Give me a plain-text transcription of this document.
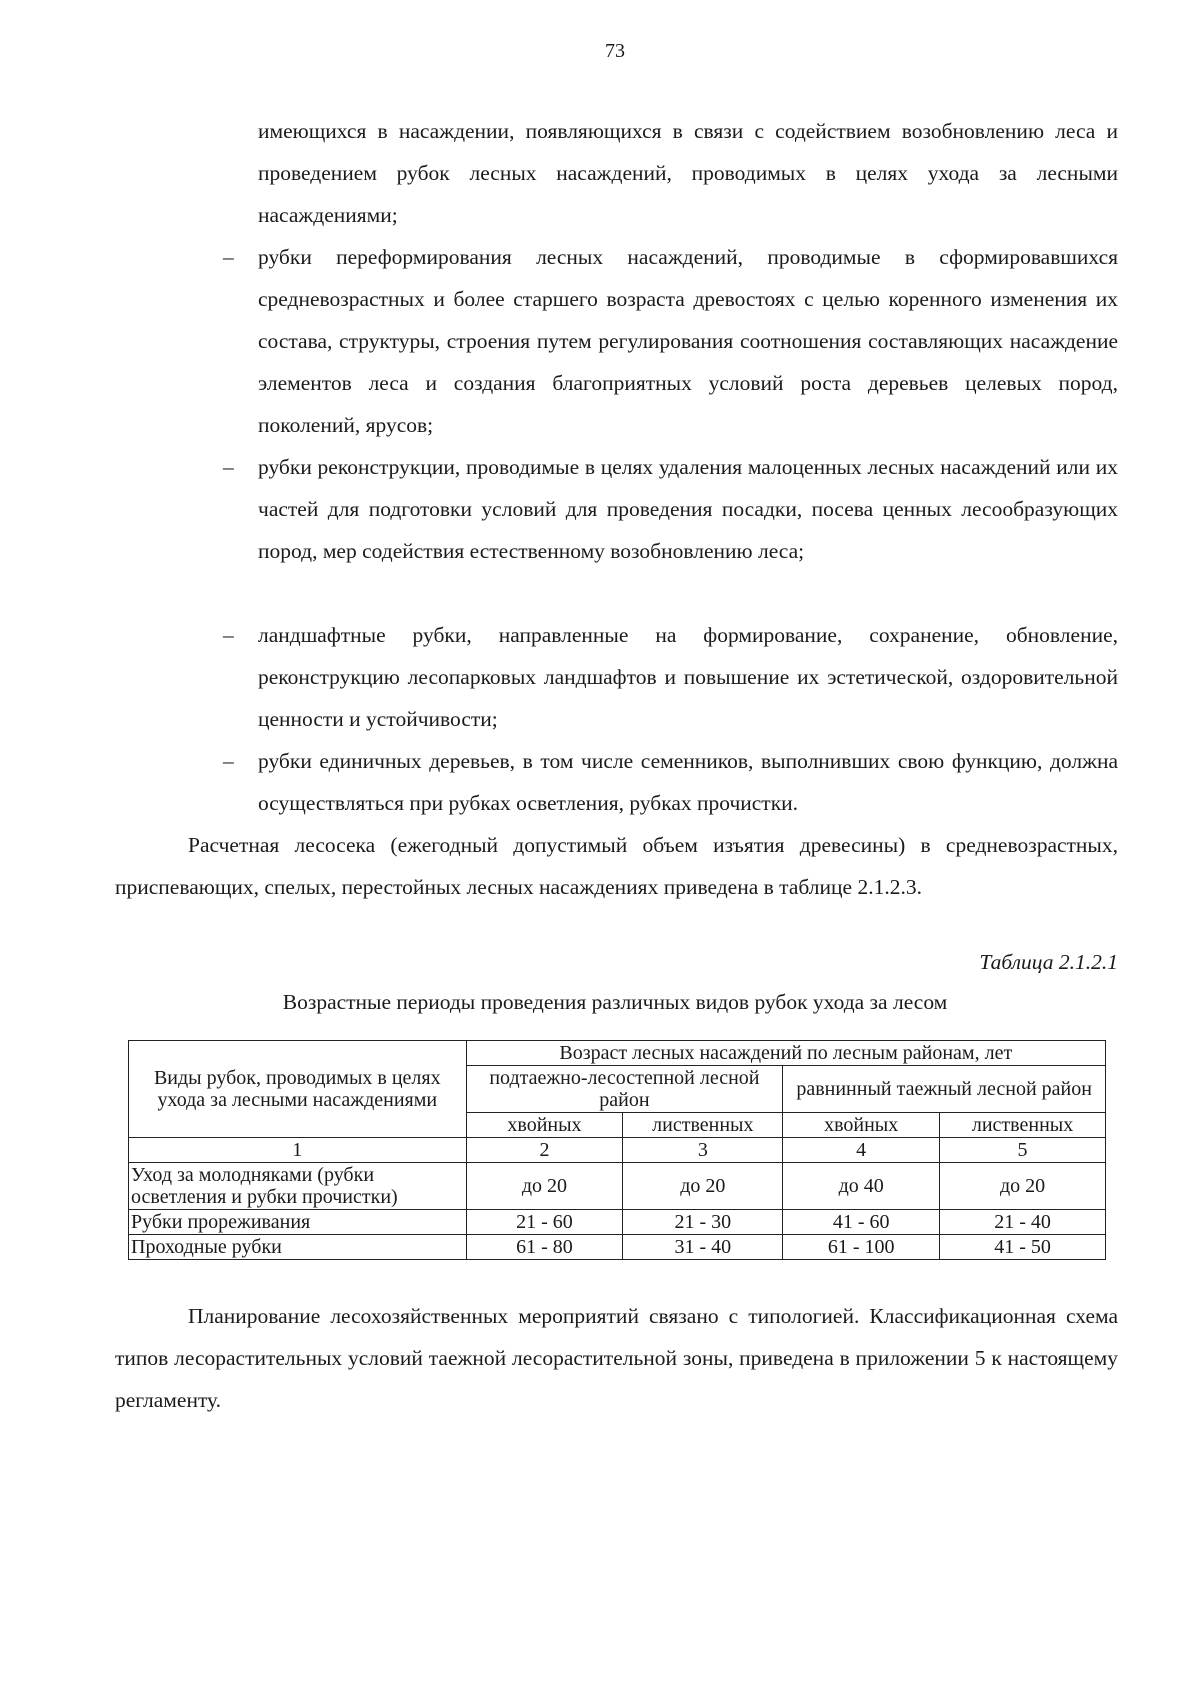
73
имеющихся в насаждении, появляющихся в связи с содействием возобновлению леса и проведением рубок лесных насаждений, проводимых в целях ухода за лесными насаждениями;
– рубки переформирования лесных насаждений, проводимые в сформировавшихся средневозрастных и более старшего возраста древостоях с целью коренного изменения их состава, структуры, строения путем регулирования соотношения составляющих насаждение элементов леса и создания благоприятных условий роста деревьев целевых пород, поколений, ярусов;
– рубки реконструкции, проводимые в целях удаления малоценных лесных насаждений или их частей для подготовки условий для проведения посадки, посева ценных лесообразующих пород, мер содействия естественному возобновлению леса;
– ландшафтные рубки, направленные на формирование, сохранение, обновление, реконструкцию лесопарковых ландшафтов и повышение их эстетической, оздоровительной ценности и устойчивости;
– рубки единичных деревьев, в том числе семенников, выполнивших свою функцию, должна осуществляться при рубках осветления, рубках прочистки.
Расчетная лесосека (ежегодный допустимый объем изъятия древесины) в средневозрастных, приспевающих, спелых, перестойных лесных насаждениях приведена в таблице 2.1.2.3.
Таблица 2.1.2.1
Возрастные периоды проведения различных видов рубок ухода за лесом
Виды рубок, проводимых в целях ухода за лесными насаждениями	Возраст лесных насаждений по лесным районам, лет			
	подтаежно-лесостепной лесной район		равнинный таежный лесной район	
	хвойных	лиственных	хвойных	лиственных
1	2	3	4	5
Уход за молодняками (рубки осветления и рубки прочистки)	до 20	до 20	до 40	до 20
Рубки прореживания	21 - 60	21 - 30	41 - 60	21 - 40
Проходные рубки	61 - 80	31 - 40	61 - 100	41 - 50
Планирование лесохозяйственных мероприятий связано с типологией. Классификационная схема типов лесорастительных условий таежной лесорастительной зоны, приведена в приложении 5 к настоящему регламенту.
